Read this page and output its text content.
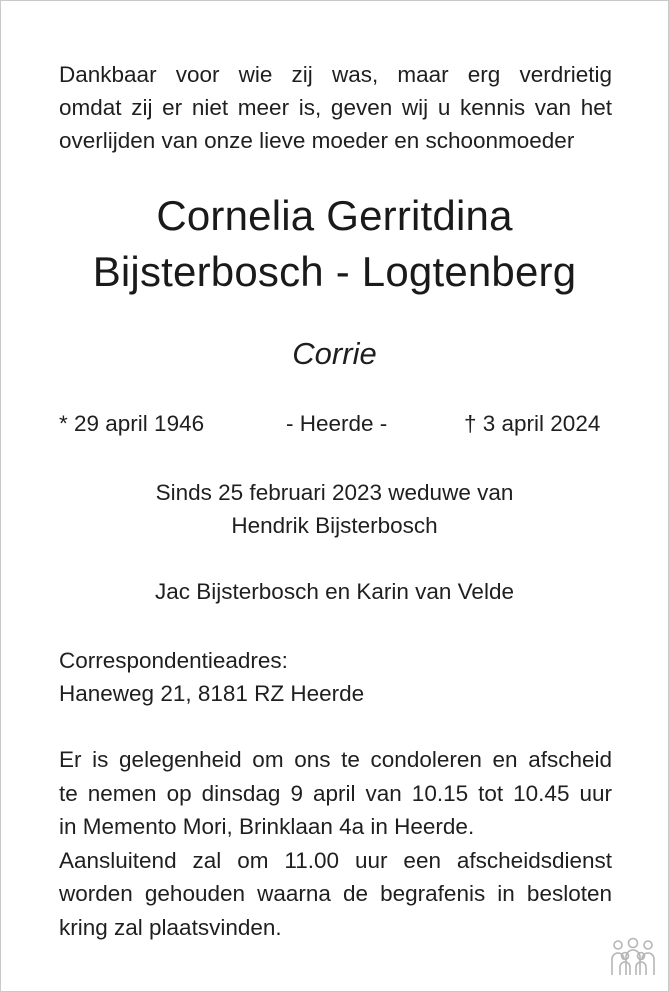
Dankbaar voor wie zij was, maar erg verdrietig
omdat zij er niet meer is, geven wij u kennis van het
overlijden van onze lieve moeder en schoonmoeder
Cornelia Gerritdina
Bijsterbosch - Logtenberg
Corrie
* 29 april 1946	- Heerde -	† 3 april 2024
Sinds 25 februari 2023 weduwe van
Hendrik Bijsterbosch
Jac Bijsterbosch en Karin van Velde
Correspondentieadres:
Haneweg 21, 8181 RZ Heerde
Er is gelegenheid om ons te condoleren en afscheid
te nemen op dinsdag 9 april van 10.15 tot 10.45 uur
in Memento Mori, Brinklaan 4a in Heerde.
Aansluitend zal om 11.00 uur een afscheidsdienst
worden gehouden waarna de begrafenis in besloten
kring zal plaatsvinden.
